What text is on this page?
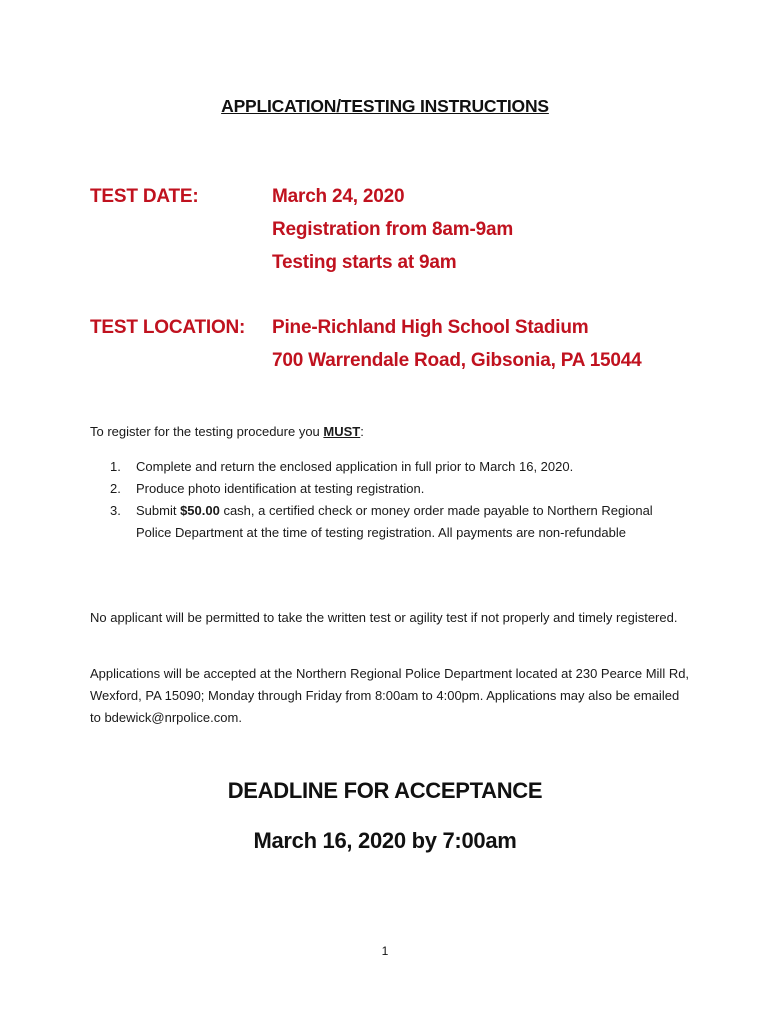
APPLICATION/TESTING INSTRUCTIONS
TEST DATE:	March 24, 2020
Registration from 8am-9am
Testing starts at 9am
TEST LOCATION: Pine-Richland High School Stadium
700 Warrendale Road, Gibsonia, PA 15044
To register for the testing procedure you MUST:
1. Complete and return the enclosed application in full prior to March 16, 2020.
2. Produce photo identification at testing registration.
3. Submit $50.00 cash, a certified check or money order made payable to Northern Regional Police Department at the time of testing registration. All payments are non-refundable
No applicant will be permitted to take the written test or agility test if not properly and timely registered.
Applications will be accepted at the Northern Regional Police Department located at 230 Pearce Mill Rd, Wexford, PA 15090; Monday through Friday from 8:00am to 4:00pm. Applications may also be emailed to bdewick@nrpolice.com.
DEADLINE FOR ACCEPTANCE
March 16, 2020 by 7:00am
1
